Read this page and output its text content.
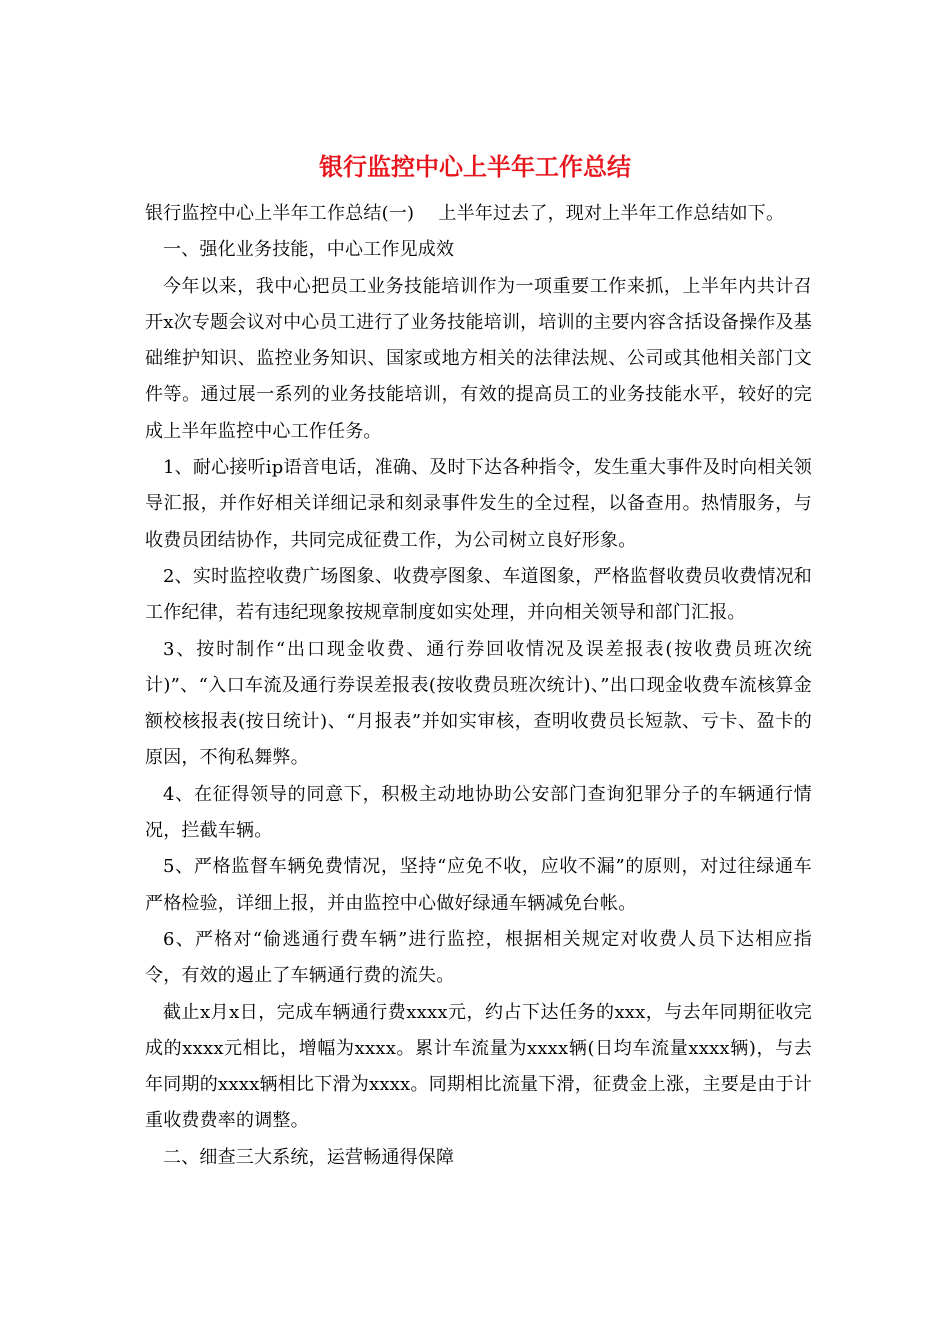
银行监控中心上半年工作总结

银行监控中心上半年工作总结(一)　 上半年过去了，现对上半年工作总结如下。

一、强化业务技能，中心工作见成效

今年以来，我中心把员工业务技能培训作为一项重要工作来抓，上半年内共计召开x次专题会议对中心员工进行了业务技能培训，培训的主要内容含括设备操作及基础维护知识、监控业务知识、国家或地方相关的法律法规、公司或其他相关部门文件等。通过展一系列的业务技能培训，有效的提高员工的业务技能水平，较好的完成上半年监控中心工作任务。

1、耐心接听ip语音电话，准确、及时下达各种指令，发生重大事件及时向相关领导汇报，并作好相关详细记录和刻录事件发生的全过程，以备查用。热情服务，与收费员团结协作，共同完成征费工作，为公司树立良好形象。

2、实时监控收费广场图象、收费亭图象、车道图象，严格监督收费员收费情况和工作纪律，若有违纪现象按规章制度如实处理，并向相关领导和部门汇报。

3、按时制作“出口现金收费、通行券回收情况及误差报表(按收费员班次统计)”、“入口车流及通行券误差报表(按收费员班次统计)、”出口现金收费车流核算金额校核报表(按日统计)、“月报表”并如实审核，查明收费员长短款、亏卡、盈卡的原因，不徇私舞弊。

4、在征得领导的同意下，积极主动地协助公安部门查询犯罪分子的车辆通行情况，拦截车辆。

5、严格监督车辆免费情况，坚持“应免不收，应收不漏”的原则，对过往绿通车严格检验，详细上报，并由监控中心做好绿通车辆减免台帐。

6、严格对“偷逃通行费车辆”进行监控，根据相关规定对收费人员下达相应指令，有效的遏止了车辆通行费的流失。

截止x月x日，完成车辆通行费xxxx元，约占下达任务的xxx，与去年同期征收完成的xxxx元相比，增幅为xxxx。累计车流量为xxxx辆(日均车流量xxxx辆)，与去年同期的xxxx辆相比下滑为xxxx。同期相比流量下滑，征费金上涨，主要是由于计重收费费率的调整。

二、细查三大系统，运营畅通得保障
